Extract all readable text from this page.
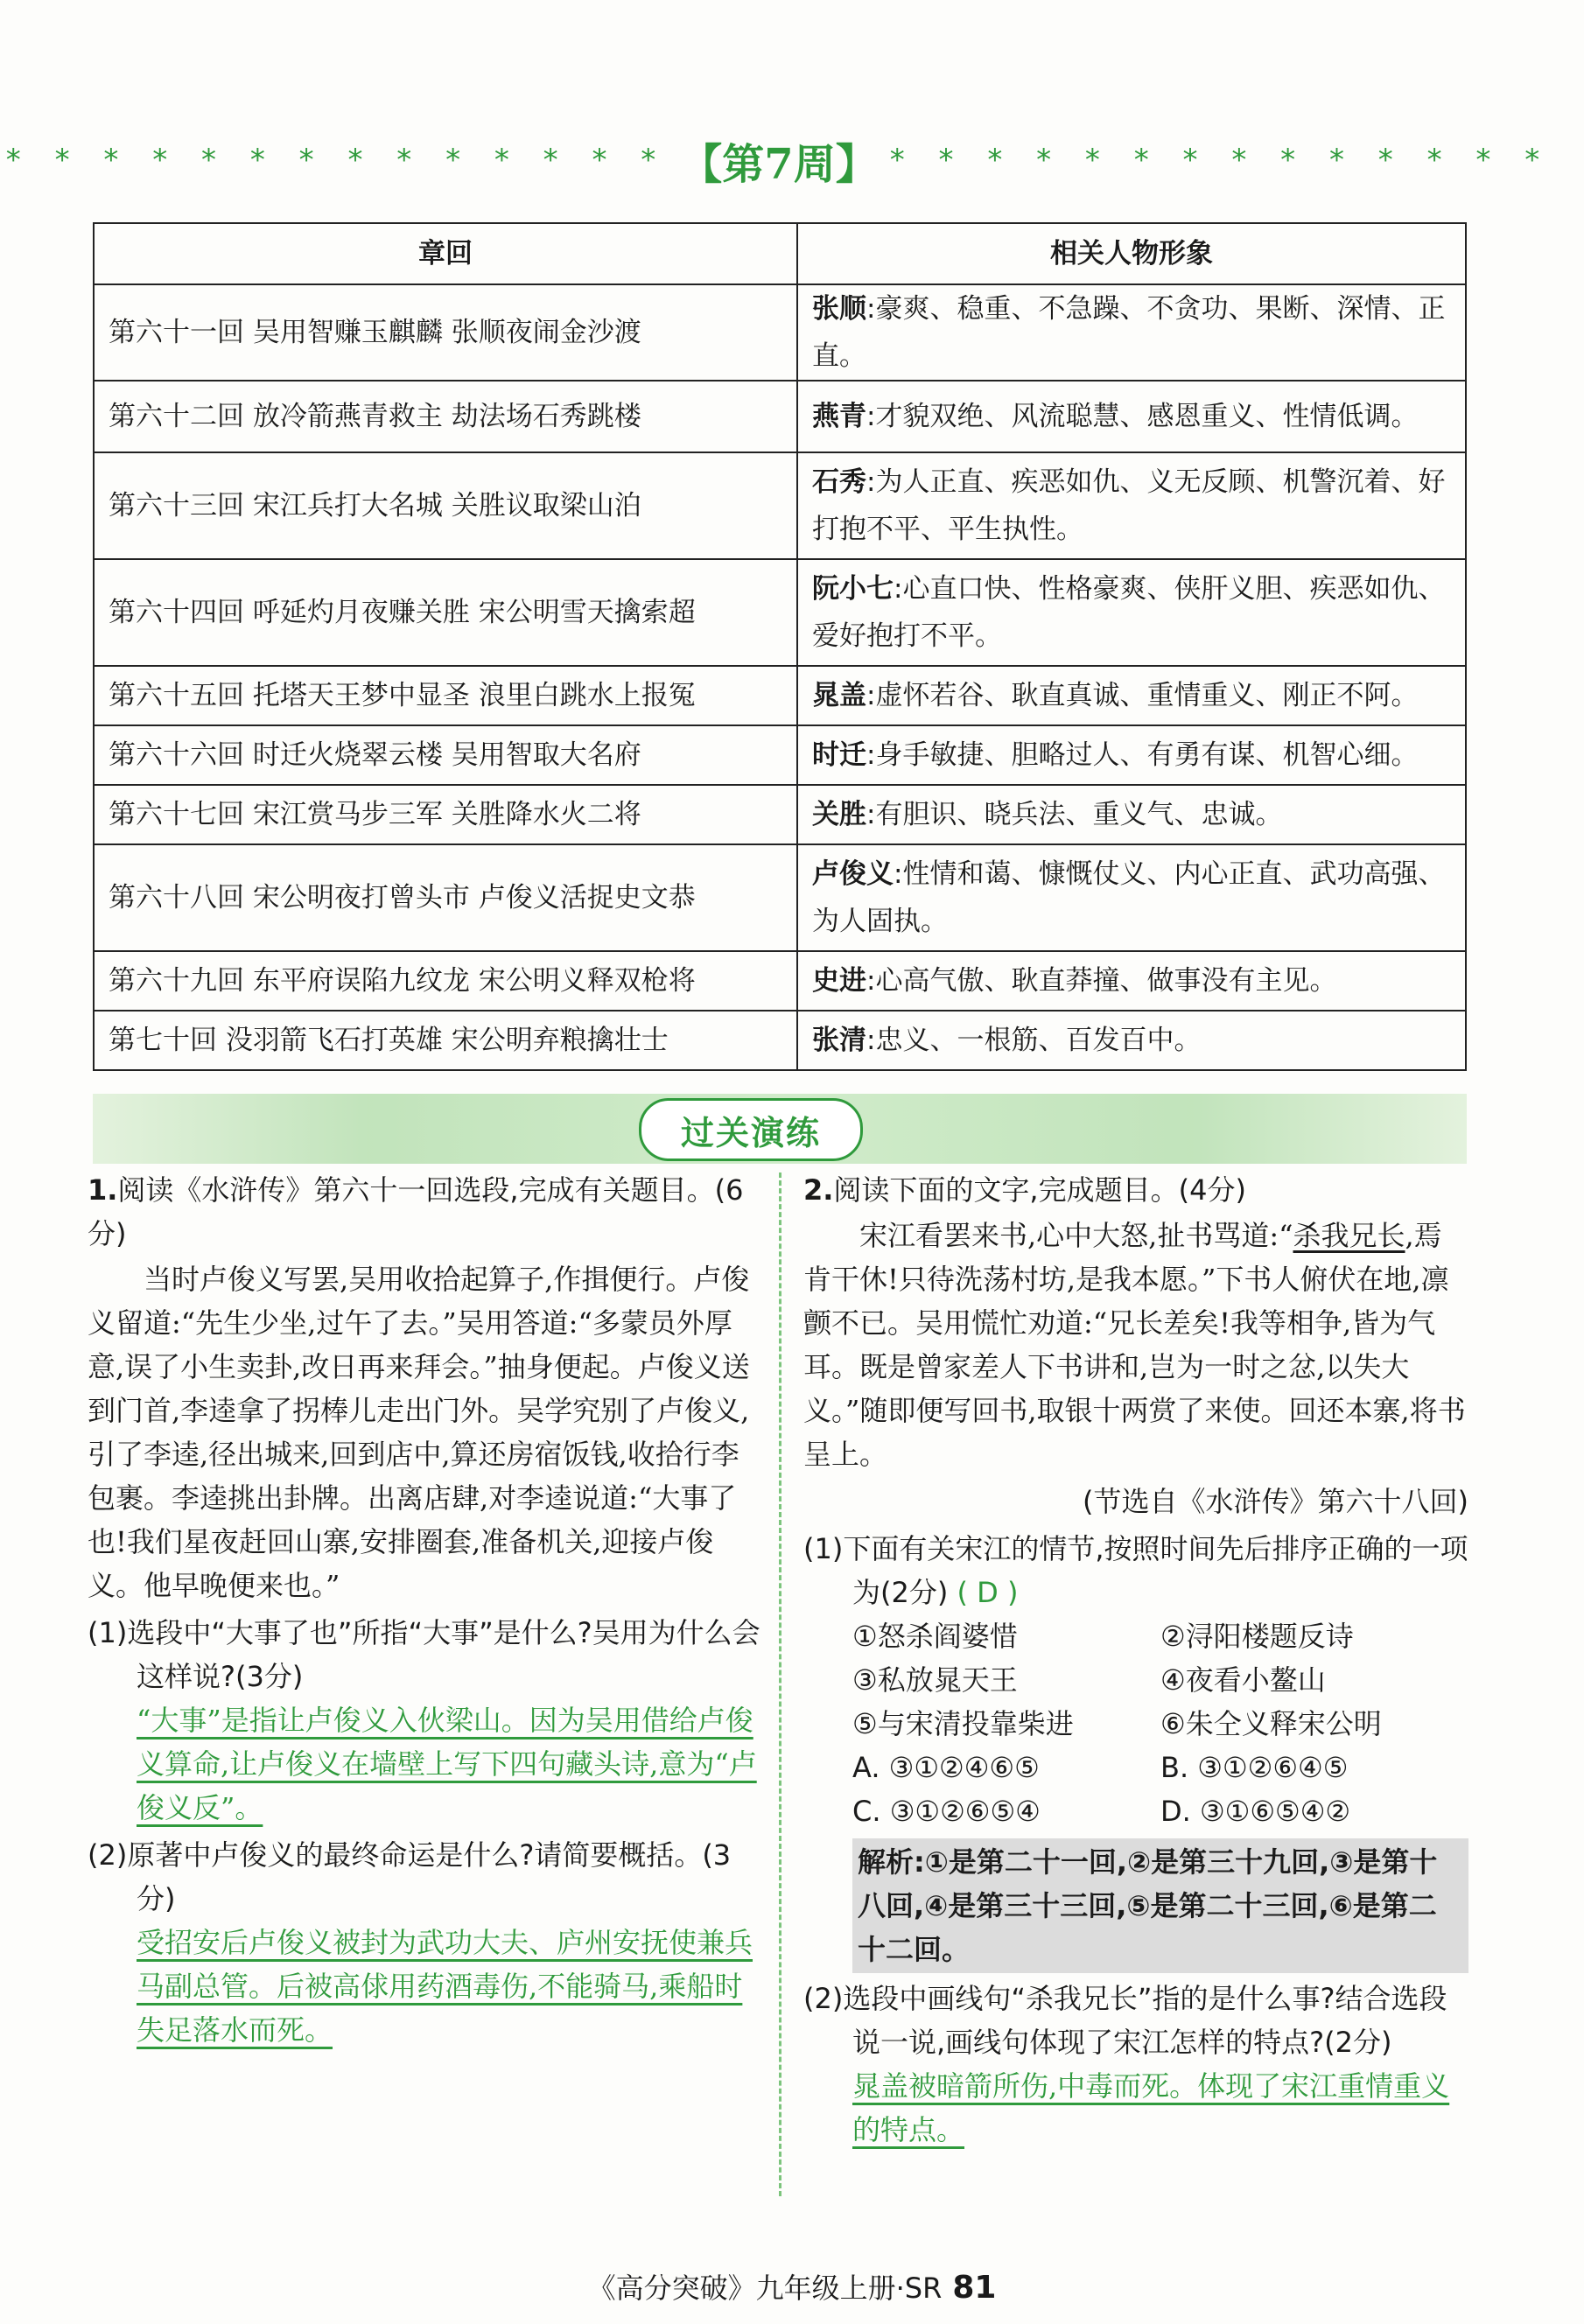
* * * * * * * * * * * * * * 【第7周】 * * * * * * * * * * * * * *
章回	相关人物形象
第六十一回 吴用智赚玉麒麟 张顺夜闹金沙渡	张顺:豪爽、稳重、不急躁、不贪功、果断、深情、正直。
第六十二回 放冷箭燕青救主 劫法场石秀跳楼	燕青:才貌双绝、风流聪慧、感恩重义、性情低调。
第六十三回 宋江兵打大名城 关胜议取梁山泊	石秀:为人正直、疾恶如仇、义无反顾、机警沉着、好打抱不平、平生执性。
第六十四回 呼延灼月夜赚关胜 宋公明雪天擒索超	阮小七:心直口快、性格豪爽、侠肝义胆、疾恶如仇、爱好抱打不平。
第六十五回 托塔天王梦中显圣 浪里白跳水上报冤	晁盖:虚怀若谷、耿直真诚、重情重义、刚正不阿。
第六十六回 时迁火烧翠云楼 吴用智取大名府	时迁:身手敏捷、胆略过人、有勇有谋、机智心细。
第六十七回 宋江赏马步三军 关胜降水火二将	关胜:有胆识、晓兵法、重义气、忠诚。
第六十八回 宋公明夜打曾头市 卢俊义活捉史文恭	卢俊义:性情和蔼、慷慨仗义、内心正直、武功高强、为人固执。
第六十九回 东平府误陷九纹龙 宋公明义释双枪将	史进:心高气傲、耿直莽撞、做事没有主见。
第七十回 没羽箭飞石打英雄 宋公明弃粮擒壮士	张清:忠义、一根筋、百发百中。
过关演练

1.阅读《水浒传》第六十一回选段,完成有关题目。(6分)

当时卢俊义写罢,吴用收拾起算子,作揖便行。卢俊义留道:“先生少坐,过午了去。”吴用答道:“多蒙员外厚意,误了小生卖卦,改日再来拜会。”抽身便起。卢俊义送到门首,李逵拿了拐棒儿走出门外。吴学究别了卢俊义,引了李逵,径出城来,回到店中,算还房宿饭钱,收拾行李包裹。李逵挑出卦牌。出离店肆,对李逵说道:“大事了也!我们星夜赶回山寨,安排圈套,准备机关,迎接卢俊义。他早晚便来也。”

(1)选段中“大事了也”所指“大事”是什么?吴用为什么会这样说?(3分)

“大事”是指让卢俊义入伙梁山。因为吴用借给卢俊义算命,让卢俊义在墙壁上写下四句藏头诗,意为“卢俊义反”。

(2)原著中卢俊义的最终命运是什么?请简要概括。(3分)

受招安后卢俊义被封为武功大夫、庐州安抚使兼兵马副总管。后被高俅用药酒毒伤,不能骑马,乘船时失足落水而死。

2.阅读下面的文字,完成题目。(4分)

宋江看罢来书,心中大怒,扯书骂道:“杀我兄长,焉肯干休!只待洗荡村坊,是我本愿。”下书人俯伏在地,凛颤不已。吴用慌忙劝道:“兄长差矣!我等相争,皆为气耳。既是曾家差人下书讲和,岂为一时之忿,以失大义。”随即便写回书,取银十两赏了来使。回还本寨,将书呈上。

(节选自《水浒传》第六十八回)

(1)下面有关宋江的情节,按照时间先后排序正确的一项为(2分) ( D )

①怒杀阎婆惜	②浔阳楼题反诗
③私放晁天王	④夜看小鳌山
⑤与宋清投靠柴进	⑥朱仝义释宋公明
A. ③①②④⑥⑤	B. ③①②⑥④⑤
C. ③①②⑥⑤④	D. ③①⑥⑤④②

解析:①是第二十一回,②是第三十九回,③是第十八回,④是第三十三回,⑤是第二十三回,⑥是第二十二回。

(2)选段中画线句“杀我兄长”指的是什么事?结合选段说一说,画线句体现了宋江怎样的特点?(2分)

晁盖被暗箭所伤,中毒而死。体现了宋江重情重义的特点。

《高分突破》九年级上册·SR 81
